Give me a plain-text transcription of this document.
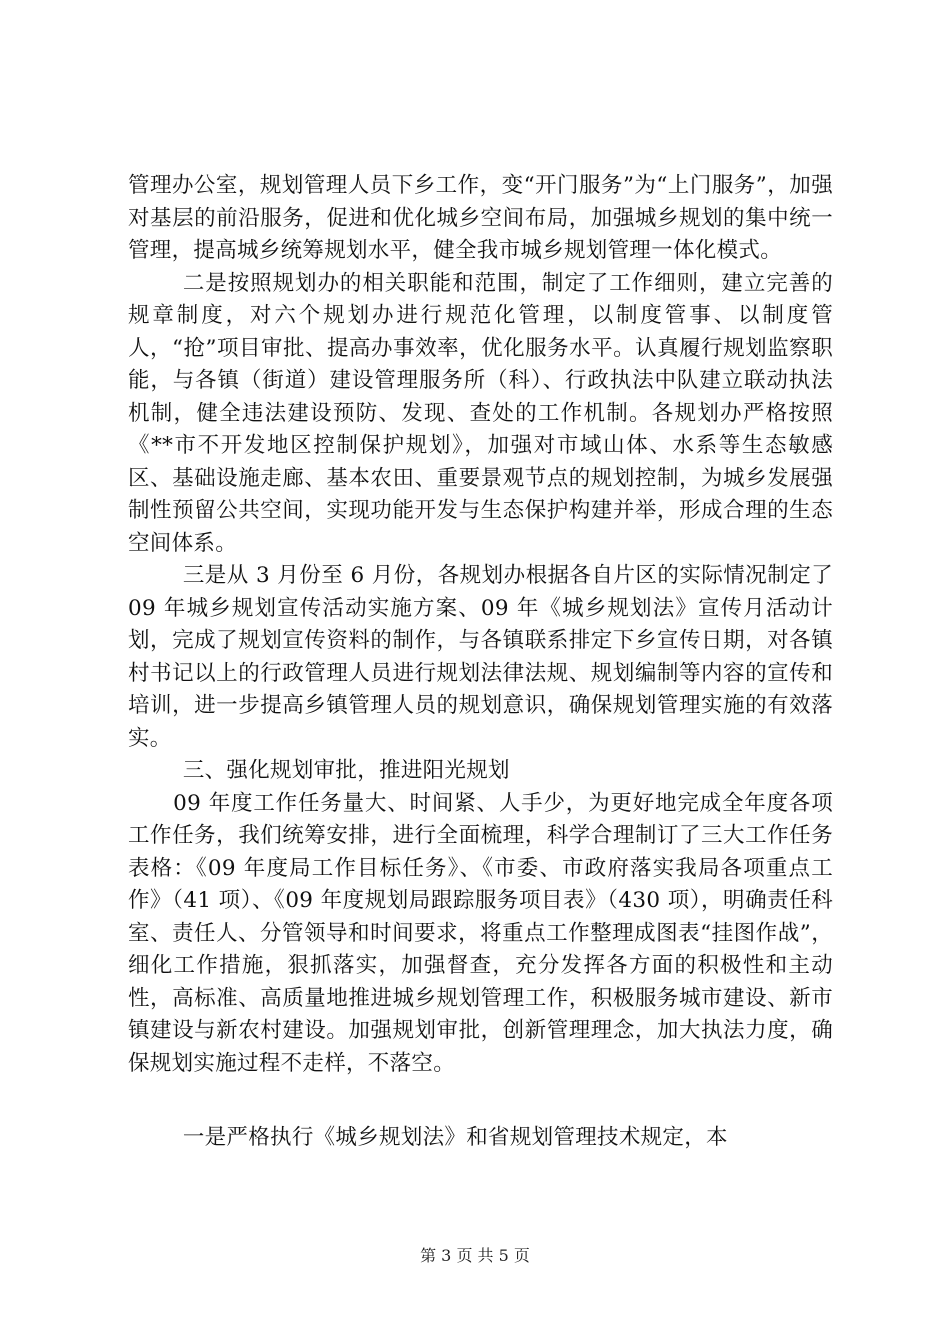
管理办公室，规划管理人员下乡工作，变“开门服务”为“上门服务”，加强对基层的前沿服务，促进和优化城乡空间布局，加强城乡规划的集中统一管理，提高城乡统筹规划水平，健全我市城乡规划管理一体化模式。

二是按照规划办的相关职能和范围，制定了工作细则，建立完善的规章制度，对六个规划办进行规范化管理，以制度管事、以制度管人，“抢”项目审批、提高办事效率，优化服务水平。认真履行规划监察职能，与各镇（街道）建设管理服务所（科）、行政执法中队建立联动执法机制，健全违法建设预防、发现、查处的工作机制。各规划办严格按照《**市不开发地区控制保护规划》，加强对市域山体、水系等生态敏感区、基础设施走廊、基本农田、重要景观节点的规划控制，为城乡发展强制性预留公共空间，实现功能开发与生态保护构建并举，形成合理的生态空间体系。

三是从 3 月份至 6 月份，各规划办根据各自片区的实际情况制定了 09 年城乡规划宣传活动实施方案、09 年《城乡规划法》宣传月活动计划，完成了规划宣传资料的制作，与各镇联系排定下乡宣传日期，对各镇村书记以上的行政管理人员进行规划法律法规、规划编制等内容的宣传和培训，进一步提高乡镇管理人员的规划意识，确保规划管理实施的有效落实。

三、强化规划审批，推进阳光规划

09 年度工作任务量大、时间紧、人手少，为更好地完成全年度各项工作任务，我们统筹安排，进行全面梳理，科学合理制订了三大工作任务表格：《09 年度局工作目标任务》、《市委、市政府落实我局各项重点工作》（41 项）、《09 年度规划局跟踪服务项目表》（430 项），明确责任科室、责任人、分管领导和时间要求，将重点工作整理成图表“挂图作战”，细化工作措施，狠抓落实，加强督查，充分发挥各方面的积极性和主动性，高标准、高质量地推进城乡规划管理工作，积极服务城市建设、新市镇建设与新农村建设。加强规划审批，创新管理理念，加大执法力度，确保规划实施过程不走样，不落空。

一是严格执行《城乡规划法》和省规划管理技术规定，本

第 3 页 共 5 页
